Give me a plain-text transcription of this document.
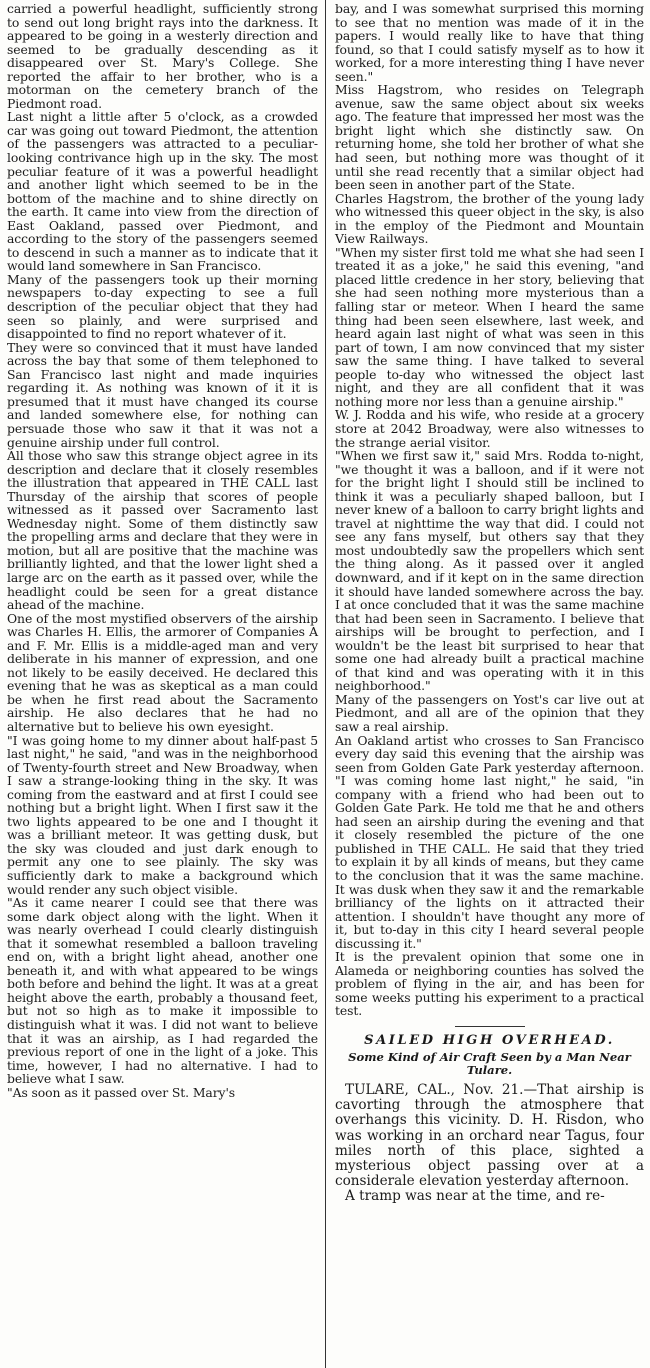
carried a powerful headlight, sufficiently strong to send out long bright rays into the darkness. It appeared to be going in a westerly direction and seemed to be gradually descending as it disappeared over St. Mary's College. She reported the affair to her brother, who is a motorman on the cemetery branch of the Piedmont road.

Last night a little after 5 o'clock, as a crowded car was going out toward Piedmont, the attention of the passengers was attracted to a peculiar-looking contrivance high up in the sky. The most peculiar feature of it was a powerful headlight and another light which seemed to be in the bottom of the machine and to shine directly on the earth. It came into view from the direction of East Oakland, passed over Piedmont, and according to the story of the passengers seemed to descend in such a manner as to indicate that it would land somewhere in San Francisco.

Many of the passengers took up their morning newspapers to-day expecting to see a full description of the peculiar object that they had seen so plainly, and were surprised and disappointed to find no report whatever of it.

They were so convinced that it must have landed across the bay that some of them telephoned to San Francisco last night and made inquiries regarding it. As nothing was known of it it is presumed that it must have changed its course and landed somewhere else, for nothing can persuade those who saw it that it was not a genuine airship under full control.

All those who saw this strange object agree in its description and declare that it closely resembles the illustration that appeared in THE CALL last Thursday of the airship that scores of people witnessed as it passed over Sacramento last Wednesday night. Some of them distinctly saw the propelling arms and declare that they were in motion, but all are positive that the machine was brilliantly lighted, and that the lower light shed a large arc on the earth as it passed over, while the headlight could be seen for a great distance ahead of the machine.

One of the most mystified observers of the airship was Charles H. Ellis, the armorer of Companies A and F. Mr. Ellis is a middle-aged man and very deliberate in his manner of expression, and one not likely to be easily deceived. He declared this evening that he was as skeptical as a man could be when he first read about the Sacramento airship. He also declares that he had no alternative but to believe his own eyesight.

"I was going home to my dinner about half-past 5 last night," he said, "and was in the neighborhood of Twenty-fourth street and New Broadway, when I saw a strange-looking thing in the sky. It was coming from the eastward and at first I could see nothing but a bright light. When I first saw it the two lights appeared to be one and I thought it was a brilliant meteor. It was getting dusk, but the sky was clouded and just dark enough to permit any one to see plainly. The sky was sufficiently dark to make a background which would render any such object visible.

"As it came nearer I could see that there was some dark object along with the light. When it was nearly overhead I could clearly distinguish that it somewhat resembled a balloon traveling end on, with a bright light ahead, another one beneath it, and with what appeared to be wings both before and behind the light. It was at a great height above the earth, probably a thousand feet, but not so high as to make it impossible to distinguish what it was. I did not want to believe that it was an airship, as I had regarded the previous report of one in the light of a joke. This time, however, I had no alternative. I had to believe what I saw.

"As soon as it passed over St. Mary's

bay, and I was somewhat surprised this morning to see that no mention was made of it in the papers. I would really like to have that thing found, so that I could satisfy myself as to how it worked, for a more interesting thing I have never seen."

Miss Hagstrom, who resides on Telegraph avenue, saw the same object about six weeks ago. The feature that impressed her most was the bright light which she distinctly saw. On returning home, she told her brother of what she had seen, but nothing more was thought of it until she read recently that a similar object had been seen in another part of the State.

Charles Hagstrom, the brother of the young lady who witnessed this queer object in the sky, is also in the employ of the Piedmont and Mountain View Railways.

"When my sister first told me what she had seen I treated it as a joke," he said this evening, "and placed little credence in her story, believing that she had seen nothing more mysterious than a falling star or meteor. When I heard the same thing had been seen elsewhere, last week, and heard again last night of what was seen in this part of town, I am now convinced that my sister saw the same thing. I have talked to several people to-day who witnessed the object last night, and they are all confident that it was nothing more nor less than a genuine airship."

W. J. Rodda and his wife, who reside at a grocery store at 2042 Broadway, were also witnesses to the strange aerial visitor.

"When we first saw it," said Mrs. Rodda to-night, "we thought it was a balloon, and if it were not for the bright light I should still be inclined to think it was a peculiarly shaped balloon, but I never knew of a balloon to carry bright lights and travel at nighttime the way that did. I could not see any fans myself, but others say that they most undoubtedly saw the propellers which sent the thing along. As it passed over it angled downward, and if it kept on in the same direction it should have landed somewhere across the bay. I at once concluded that it was the same machine that had been seen in Sacramento. I believe that airships will be brought to perfection, and I wouldn't be the least bit surprised to hear that some one had already built a practical machine of that kind and was operating with it in this neighborhood."

Many of the passengers on Yost's car live out at Piedmont, and all are of the opinion that they saw a real airship.

An Oakland artist who crosses to San Francisco every day said this evening that the airship was seen from Golden Gate Park yesterday afternoon. "I was coming home last night," he said, "in company with a friend who had been out to Golden Gate Park. He told me that he and others had seen an airship during the evening and that it closely resembled the picture of the one published in THE CALL. He said that they tried to explain it by all kinds of means, but they came to the conclusion that it was the same machine. It was dusk when they saw it and the remarkable brilliancy of the lights on it attracted their attention. I shouldn't have thought any more of it, but to-day in this city I heard several people discussing it."

It is the prevalent opinion that some one in Alameda or neighboring counties has solved the problem of flying in the air, and has been for some weeks putting his experiment to a practical test.

SAILED HIGH OVERHEAD.
Some Kind of Air Craft Seen by a Man Near Tulare.

TULARE, CAL., Nov. 21.—That airship is cavorting through the atmosphere that overhangs this vicinity. D. H. Risdon, who was working in an orchard near Tagus, four miles north of this place, sighted a mysterious object passing over at a considerale elevation yesterday afternoon.

A tramp was near at the time, and re-
